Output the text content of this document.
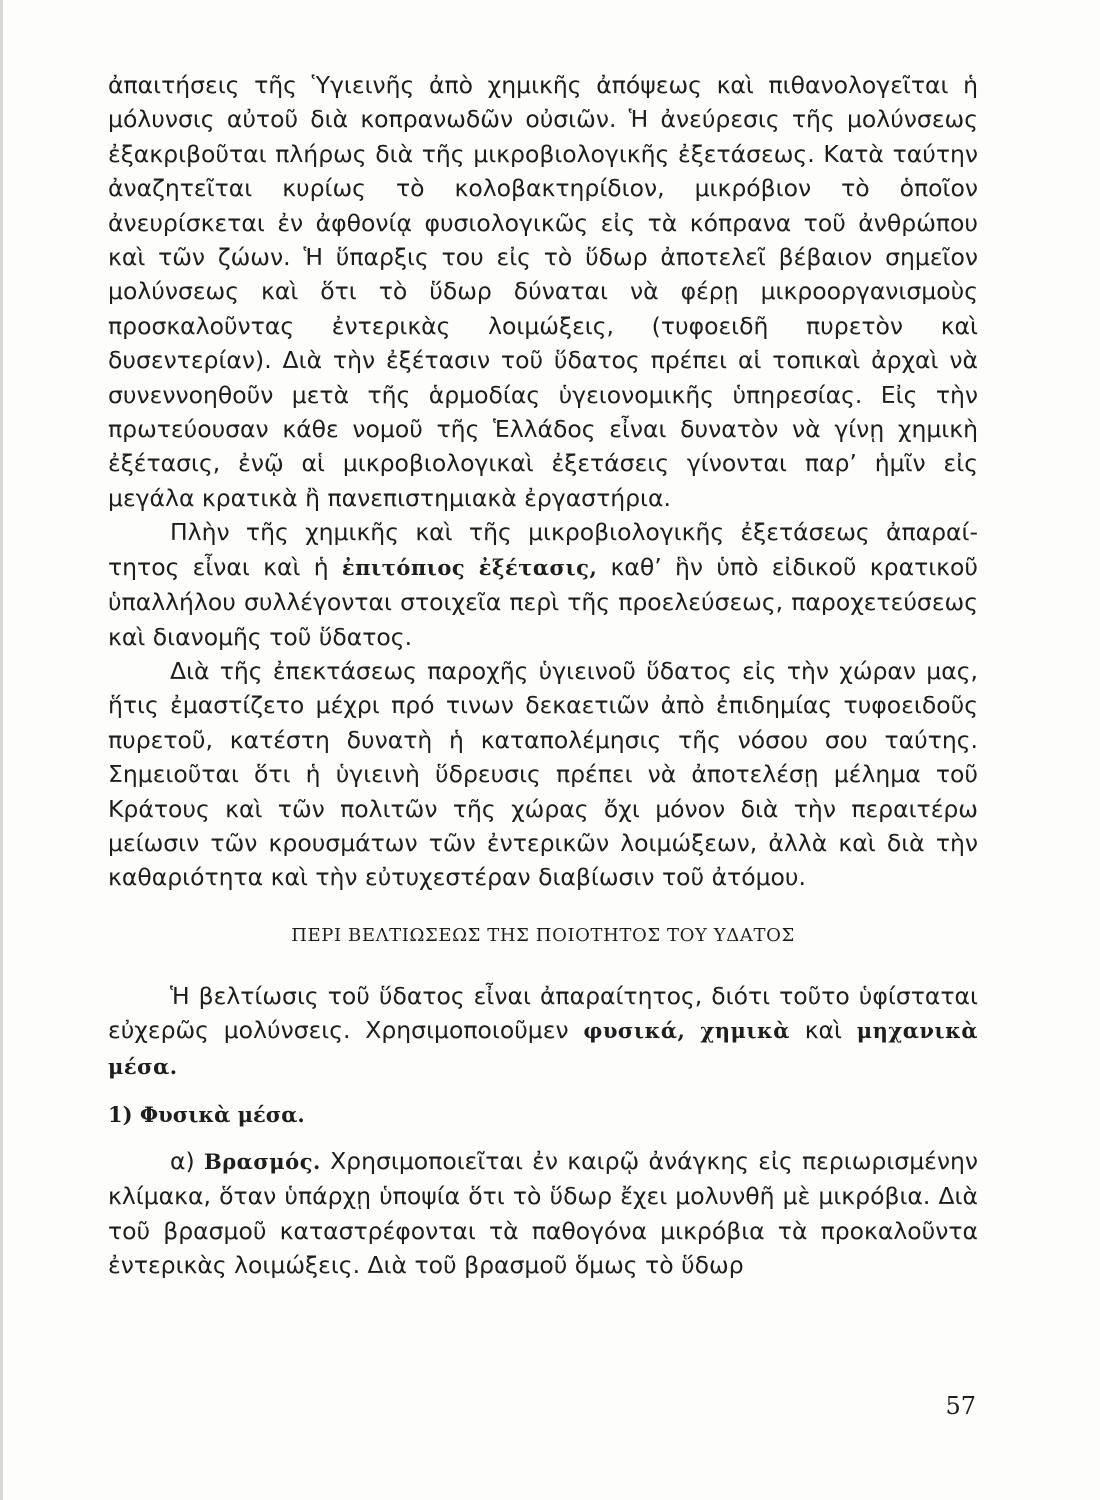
ἀπαιτήσεις τῆς Ὑγιεινῆς ἀπὸ χημικῆς ἀπόψεως καὶ πιθανολογεῖται ἡ μόλυνσις αὐτοῦ διὰ κοπρανωδῶν οὐσιῶν. Ἡ ἀνεύρεσις τῆς μολύνσεως ἐξακριβοῦται πλήρως διὰ τῆς μικροβιολογικῆς ἐξετάσεως. Κατὰ ταύτην ἀναζητεῖται κυρίως τὸ κολοβακτηρίδιον, μικρόβιον τὸ ὁποῖον ἀνευρίσκεται ἐν ἀφθονίᾳ φυσιολογικῶς εἰς τὰ κόπρανα τοῦ ἀνθρώπου καὶ τῶν ζώων. Ἡ ὕπαρξις του εἰς τὸ ὕδωρ ἀποτελεῖ βέβαιον σημεῖον μολύνσεως καὶ ὅτι τὸ ὕδωρ δύναται νὰ φέρῃ μικροοργανισμοὺς προσκαλοῦντας ἐντερικὰς λοιμώξεις, (τυφοειδῆ πυρετὸν καὶ δυσεντερίαν). Διὰ τὴν ἐξέτασιν τοῦ ὕδατος πρέπει αἱ τοπικαὶ ἀρχαὶ νὰ συνεννοηθοῦν μετὰ τῆς ἁρμοδίας ὑγειονομικῆς ὑπηρεσίας. Εἰς τὴν πρωτεύουσαν κάθε νομοῦ τῆς Ἑλλάδος εἶναι δυνατὸν νὰ γίνῃ χημικὴ ἐξέτασις, ἐνῷ αἱ μικροβιολογικαὶ ἐξετάσεις γίνονται παρ’ ἡμῖν εἰς μεγάλα κρατικὰ ἢ πανεπιστημιακὰ ἐργαστήρια.

Πλὴν τῆς χημικῆς καὶ τῆς μικροβιολογικῆς ἐξετάσεως ἀπαραίτητος εἶναι καὶ ἡ ἐπιτόπιος ἐξέτασις, καθ’ ἣν ὑπὸ εἰδικοῦ κρατικοῦ ὑπαλλήλου συλλέγονται στοιχεῖα περὶ τῆς προελεύσεως, παροχετεύσεως καὶ διανομῆς τοῦ ὕδατος.

Διὰ τῆς ἐπεκτάσεως παροχῆς ὑγιεινοῦ ὕδατος εἰς τὴν χώραν μας, ἥτις ἐμαστίζετο μέχρι πρό τινων δεκαετιῶν ἀπὸ ἐπιδημίας τυφοειδοῦς πυρετοῦ, κατέστη δυνατὴ ἡ καταπολέμησις τῆς νόσου σου ταύτης. Σημειοῦται ὅτι ἡ ὑγιεινὴ ὕδρευσις πρέπει νὰ ἀποτελέσῃ μέλημα τοῦ Κράτους καὶ τῶν πολιτῶν τῆς χώρας ὄχι μόνον διὰ τὴν περαιτέρω μείωσιν τῶν κρουσμάτων τῶν ἐντερικῶν λοιμώξεων, ἀλλὰ καὶ διὰ τὴν καθαριότητα καὶ τὴν εὐτυχεστέραν διαβίωσιν τοῦ ἀτόμου.

ΠΕΡΙ ΒΕΛΤΙΩΣΕΩΣ ΤΗΣ ΠΟΙΟΤΗΤΟΣ ΤΟΥ ΥΔΑΤΟΣ

Ἡ βελτίωσις τοῦ ὕδατος εἶναι ἀπαραίτητος, διότι τοῦτο ὑφίσταται εὐχερῶς μολύνσεις. Χρησιμοποιοῦμεν φυσικά, χημικὰ καὶ μηχανικὰ μέσα.

1) Φυσικὰ μέσα.

α) Βρασμός. Χρησιμοποιεῖται ἐν καιρῷ ἀνάγκης εἰς περιωρισμένην κλίμακα, ὅταν ὑπάρχῃ ὑποψία ὅτι τὸ ὕδωρ ἔχει μολυνθῆ μὲ μικρόβια. Διὰ τοῦ βρασμοῦ καταστρέφονται τὰ παθογόνα μικρόβια τὰ προκαλοῦντα ἐντερικὰς λοιμώξεις. Διὰ τοῦ βρασμοῦ ὅμως τὸ ὕδωρ

57
